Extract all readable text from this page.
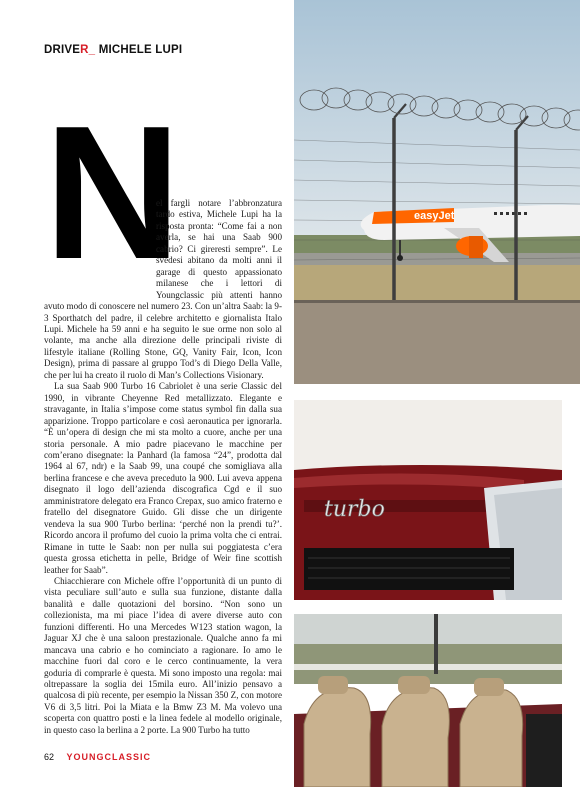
DRIVER_ MICHELE LUPI
N

el fargli notare l’abbronzatura tardo estiva, Michele Lupi ha la risposta pronta: “Come fai a non averla, se hai una Saab 900 cabrio? Ci gireresti sempre”. Le svedesi abitano da molti anni il garage di questo appassionato milanese che i lettori di Youngclassic più attenti hanno avuto modo di conoscere nel numero 23. Con un’altra Saab: la 9-3 Sporthatch del padre, il celebre architetto e giornalista Italo Lupi. Michele ha 59 anni e ha seguito le sue orme non solo al volante, ma anche alla direzione delle principali riviste di lifestyle italiane (Rolling Stone, GQ, Vanity Fair, Icon, Icon Design), prima di passare al gruppo Tod’s di Diego Della Valle, che per lui ha creato il ruolo di Man’s Collections Visionary.

La sua Saab 900 Turbo 16 Cabriolet è una serie Classic del 1990, in vibrante Cheyenne Red metallizzato. Elegante e stravagante, in Italia s’impose come status symbol fin dalla sua apparizione. Troppo particolare e così aeronautica per ignorarla. “È un’opera di design che mi sta molto a cuore, anche per una storia personale. A mio padre piacevano le macchine per com’erano disegnate: la Panhard (la famosa “24”, prodotta dal 1964 al 67, ndr) e la Saab 99, una coupé che somigliava alla berlina francese e che aveva preceduto la 900. Lui aveva appena disegnato il logo dell’azienda discografica Cgd e il suo amministratore delegato era Franco Crepax, suo amico fraterno e fratello del disegnatore Guido. Gli disse che un dirigente vendeva la sua 900 Turbo berlina: ‘perché non la prendi tu?’. Ricordo ancora il profumo del cuoio la prima volta che ci entrai. Rimane in tutte le Saab: non per nulla sui poggiatesta c’era questa grossa etichetta in pelle, Bridge of Weir fine scottish leather for Saab”.

Chiacchierare con Michele offre l’opportunità di un punto di vista peculiare sull’auto e sulla sua funzione, distante dalla banalità e dalle quotazioni del borsino. “Non sono un collezionista, ma mi piace l’idea di avere diverse auto con funzioni differenti. Ho una Mercedes W123 station wagon, la Jaguar XJ che è una saloon prestazionale. Qualche anno fa mi mancava una cabrio e ho cominciato a ragionare. Io amo le macchine fuori dal coro e le cerco continuamente, la vera goduria di comprarle è questa. Mi sono imposto una regola: mai oltrepassare la soglia dei 15mila euro. All’inizio pensavo a qualcosa di più recente, per esempio la Nissan 350 Z, con motore V6 di 3,5 litri. Poi la Miata e la Bmw Z3 M. Ma volevo una scoperta con quattro posti e la linea fedele al modello originale, in questo caso la berlina a 2 porte. La 900 Turbo ha tutto

62 YOUNGCLASSIC
easyJet
turbo
